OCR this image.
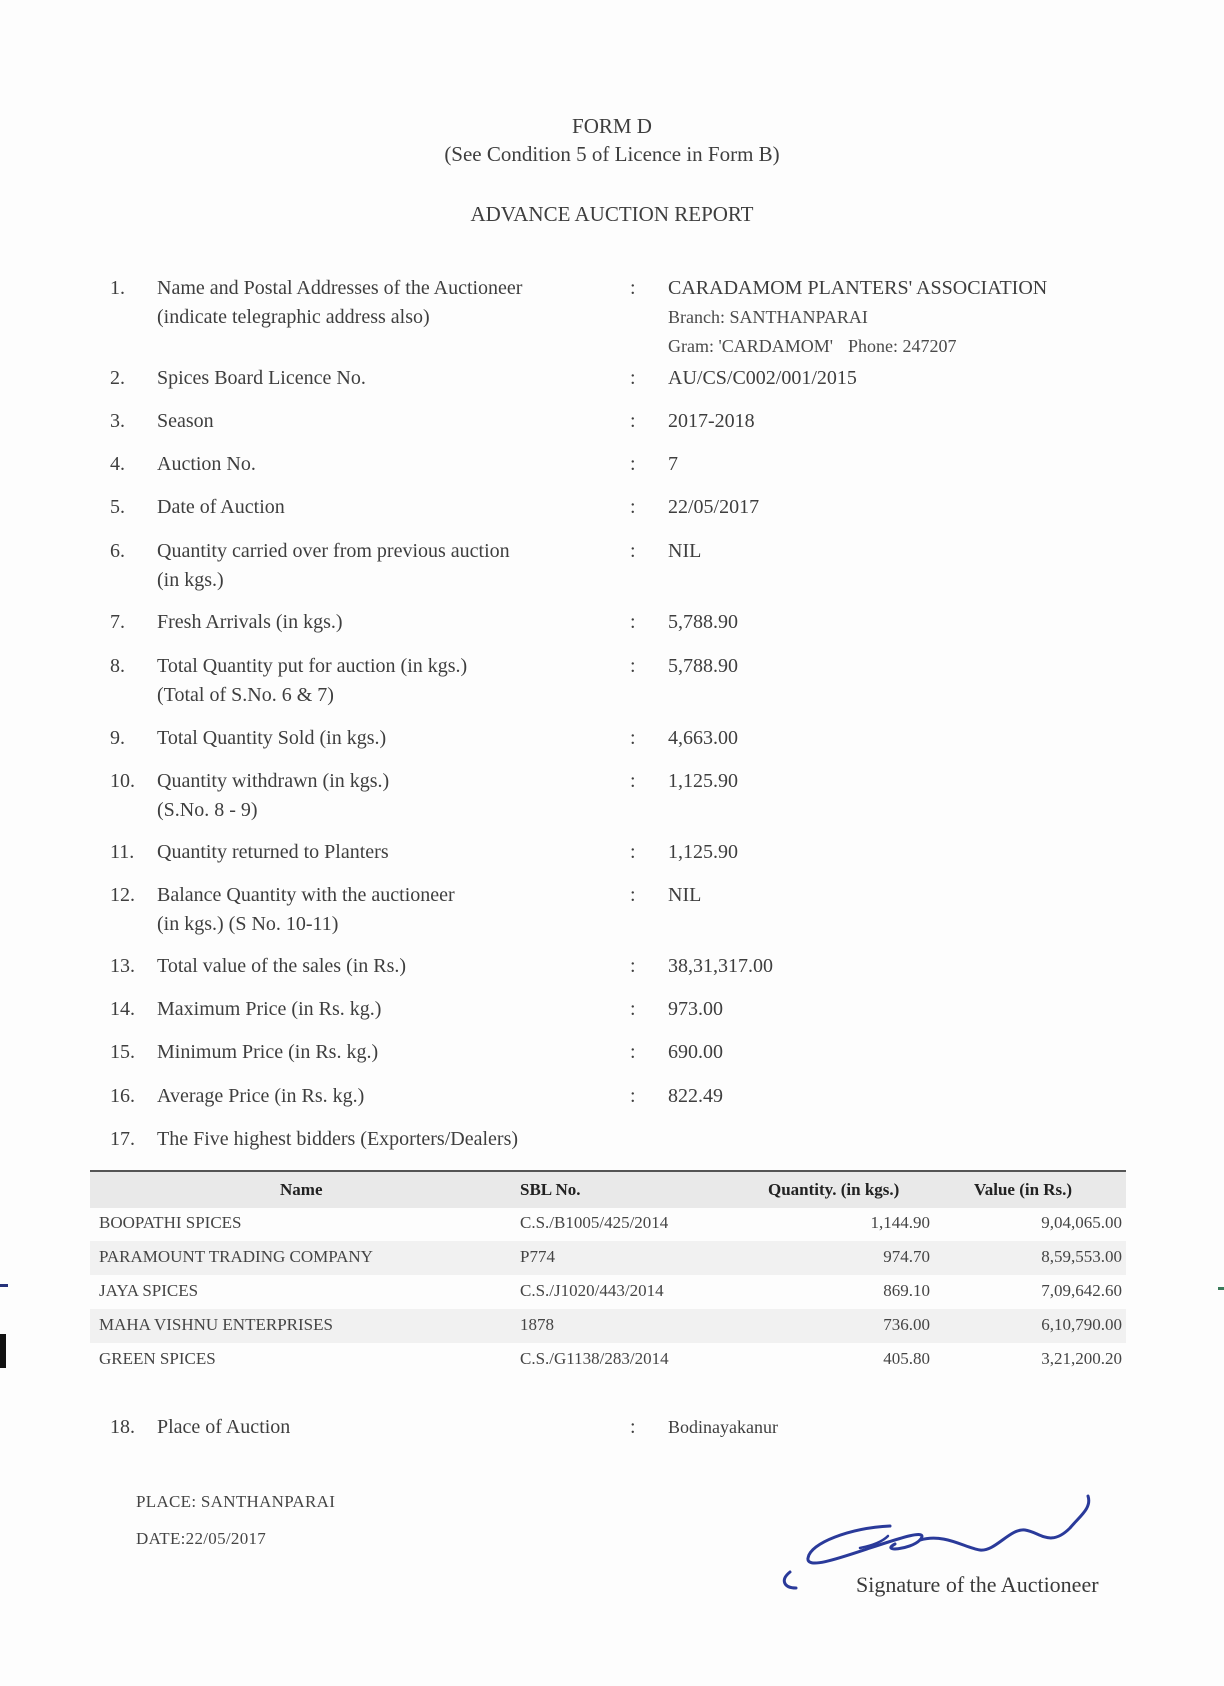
FORM D
(See Condition 5 of Licence in Form B)
ADVANCE AUCTION REPORT
1. Name and Postal Addresses of the Auctioneer
(indicate telegraphic address also)
: CARADAMOM PLANTERS' ASSOCIATION
Branch: SANTHANPARAI
Gram: 'CARDAMOM' Phone: 247207
2. Spices Board Licence No.	: AU/CS/C002/001/2015
3. Season	: 2017-2018
4. Auction No.	: 7
5. Date of Auction	: 22/05/2017
6. Quantity carried over from previous auction
(in kgs.)
: NIL
7. Fresh Arrivals (in kgs.)	: 5,788.90
8. Total Quantity put for auction (in kgs.)
(Total of S.No. 6 & 7)
: 5,788.90
9. Total Quantity Sold (in kgs.)	: 4,663.00
10. Quantity withdrawn (in kgs.)
(S.No. 8 - 9)
: 1,125.90
11. Quantity returned to Planters	: 1,125.90
12. Balance Quantity with the auctioneer
(in kgs.) (S No. 10-11)
: NIL
13. Total value of the sales (in Rs.)	: 38,31,317.00
14. Maximum Price (in Rs. kg.)	: 973.00
15. Minimum Price (in Rs. kg.)	: 690.00
16. Average Price (in Rs. kg.)	: 822.49
17. The Five highest bidders (Exporters/Dealers)
Name	SBL No.	Quantity. (in kgs.)	Value (in Rs.)
BOOPATHI SPICES	C.S./B1005/425/2014	1,144.90	9,04,065.00
PARAMOUNT TRADING COMPANY	P774	974.70	8,59,553.00
JAYA SPICES	C.S./J1020/443/2014	869.10	7,09,642.60
MAHA VISHNU ENTERPRISES	1878	736.00	6,10,790.00
GREEN SPICES	C.S./G1138/283/2014	405.80	3,21,200.20
18. Place of Auction	: Bodinayakanur
PLACE: SANTHANPARAI
DATE:22/05/2017
Signature of the Auctioneer
